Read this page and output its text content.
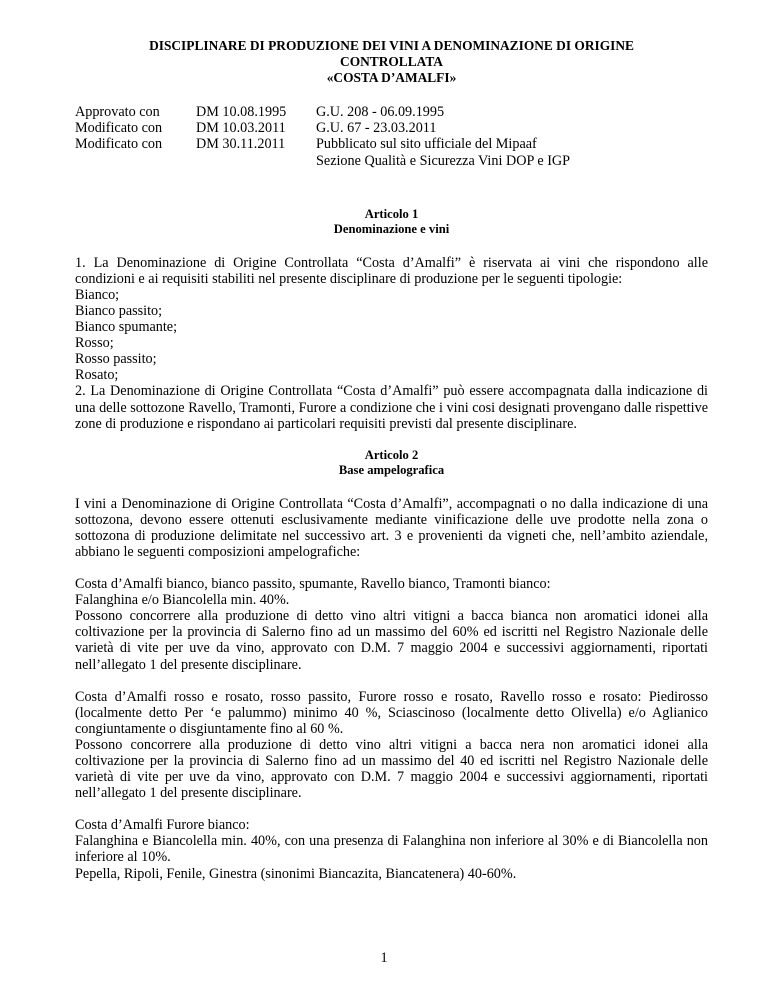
DISCIPLINARE DI PRODUZIONE DEI VINI A DENOMINAZIONE DI ORIGINE
CONTROLLATA
«COSTA D’AMALFI»
Approvato con	DM 10.08.1995	G.U. 208 - 06.09.1995
Modificato con	DM 10.03.2011	G.U. 67 - 23.03.2011
Modificato con	DM 30.11.2011	Pubblicato sul sito ufficiale del Mipaaf
		Sezione Qualità e Sicurezza Vini DOP e IGP
Articolo 1
Denominazione e vini

1. La Denominazione di Origine Controllata “Costa d’Amalfi” è riservata ai vini che rispondono alle condizioni e ai requisiti stabiliti nel presente disciplinare di produzione per le seguenti tipologie:

Bianco;
Bianco passito;
Bianco spumante;
Rosso;
Rosso passito;
Rosato;

2. La Denominazione di Origine Controllata “Costa d’Amalfi” può essere accompagnata dalla indicazione di una delle sottozone Ravello, Tramonti, Furore a condizione che i vini cosi designati provengano dalle rispettive zone di produzione e rispondano ai particolari requisiti previsti dal presente disciplinare.

Articolo 2
Base ampelografica

I vini a Denominazione di Origine Controllata “Costa d’Amalfi”, accompagnati o no dalla indicazione di una sottozona, devono essere ottenuti esclusivamente mediante vinificazione delle uve prodotte nella zona o sottozona di produzione delimitate nel successivo art. 3 e provenienti da vigneti che, nell’ambito aziendale, abbiano le seguenti composizioni ampelografiche:

Costa d’Amalfi bianco, bianco passito, spumante, Ravello bianco, Tramonti bianco:
Falanghina e/o Biancolella min. 40%.

Possono concorrere alla produzione di detto vino altri vitigni a bacca bianca non aromatici idonei alla coltivazione per la provincia di Salerno fino ad un massimo del 60% ed iscritti nel Registro Nazionale delle varietà di vite per uve da vino, approvato con D.M. 7 maggio 2004 e successivi aggiornamenti, riportati nell’allegato 1 del presente disciplinare.

Costa d’Amalfi rosso e rosato, rosso passito, Furore rosso e rosato, Ravello rosso e rosato: Piedirosso (localmente detto Per ‘e palummo) minimo 40 %, Sciascinoso (localmente detto Olivella) e/o Aglianico congiuntamente o disgiuntamente fino al 60 %.

Possono concorrere alla produzione di detto vino altri vitigni a bacca nera non aromatici idonei alla coltivazione per la provincia di Salerno fino ad un massimo del 40 ed iscritti nel Registro Nazionale delle varietà di vite per uve da vino, approvato con D.M. 7 maggio 2004 e successivi aggiornamenti, riportati nell’allegato 1 del presente disciplinare.

Costa d’Amalfi Furore bianco:

Falanghina e Biancolella min. 40%, con una presenza di Falanghina non inferiore al 30% e di Biancolella non inferiore al 10%.

Pepella, Ripoli, Fenile, Ginestra (sinonimi Biancazita, Biancatenera) 40-60%.
1
